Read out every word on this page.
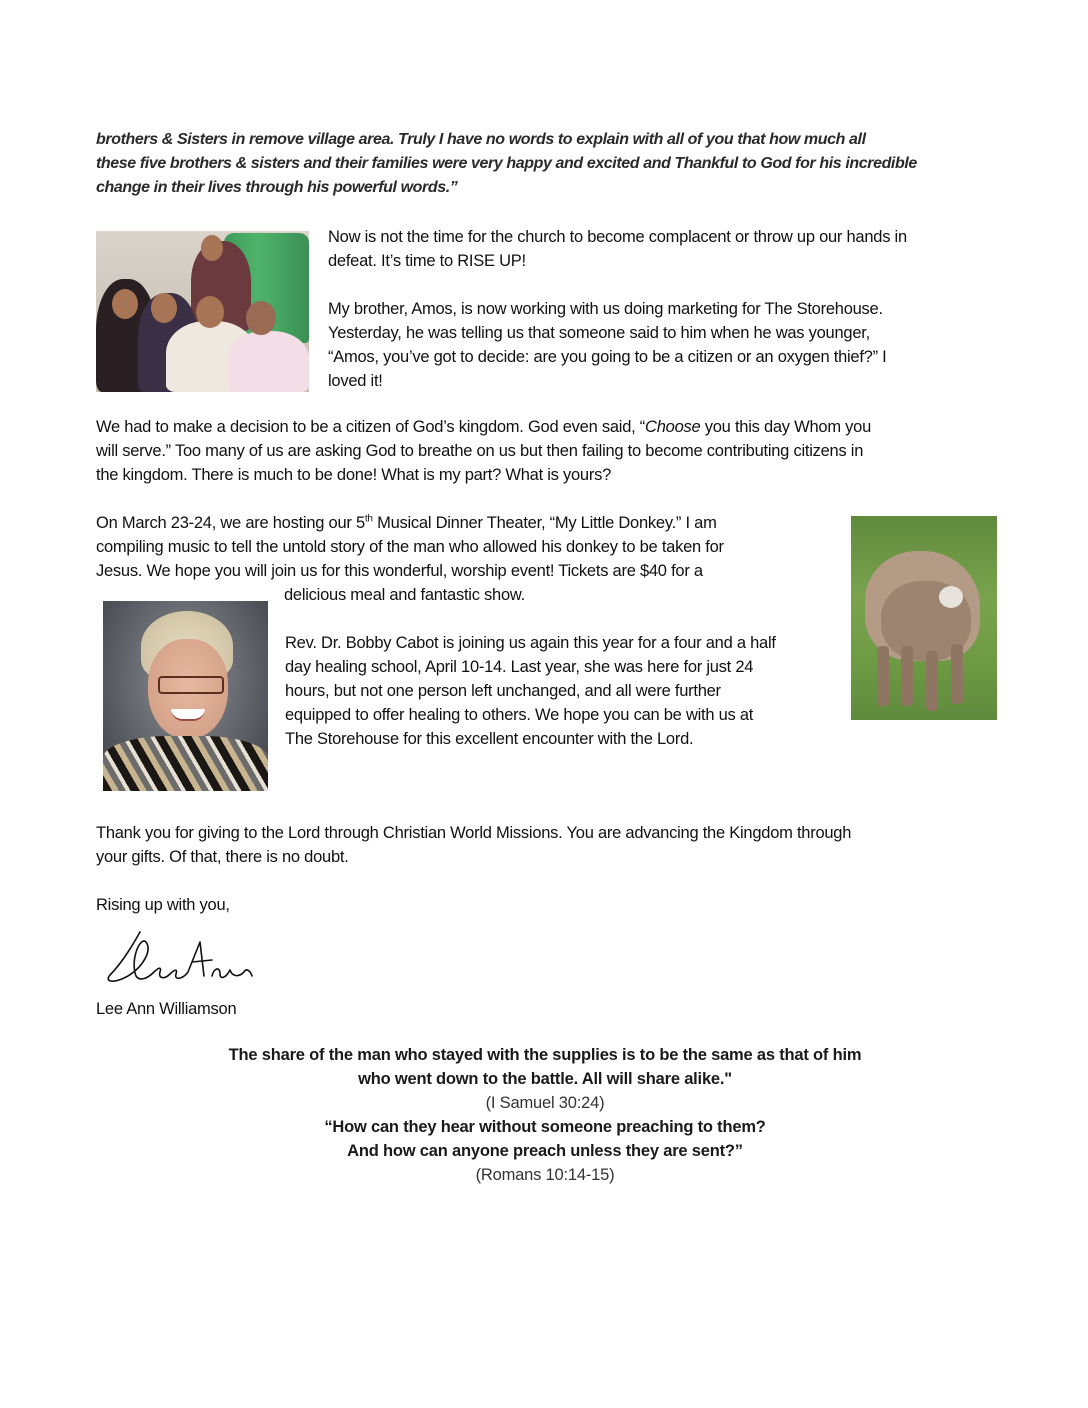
brothers & Sisters in remove village area. Truly I have no words to explain with all of you that how much all
these five brothers & sisters and their families were very happy and excited and Thankful to God for his incredible
change in their lives through his powerful words.”
Now is not the time for the church to become complacent or throw up our hands in
defeat. It’s time to RISE UP!
My brother, Amos, is now working with us doing marketing for The Storehouse.
Yesterday, he was telling us that someone said to him when he was younger,
“Amos, you’ve got to decide: are you going to be a citizen or an oxygen thief?” I
loved it!
We had to make a decision to be a citizen of God’s kingdom. God even said, “Choose you this day Whom you
will serve.” Too many of us are asking God to breathe on us but then failing to become contributing citizens in
the kingdom. There is much to be done! What is my part? What is yours?
On March 23-24, we are hosting our 5th Musical Dinner Theater, “My Little Donkey.” I am
compiling music to tell the untold story of the man who allowed his donkey to be taken for
Jesus. We hope you will join us for this wonderful, worship event! Tickets are $40 for a
delicious meal and fantastic show.
Rev. Dr. Bobby Cabot is joining us again this year for a four and a half
day healing school, April 10-14. Last year, she was here for just 24
hours, but not one person left unchanged, and all were further
equipped to offer healing to others. We hope you can be with us at
The Storehouse for this excellent encounter with the Lord.
Thank you for giving to the Lord through Christian World Missions. You are advancing the Kingdom through
your gifts. Of that, there is no doubt.
Rising up with you,
Lee Ann Williamson
The share of the man who stayed with the supplies is to be the same as that of him
who went down to the battle. All will share alike."
(I Samuel 30:24)
“How can they hear without someone preaching to them?
And how can anyone preach unless they are sent?”
(Romans 10:14-15)
